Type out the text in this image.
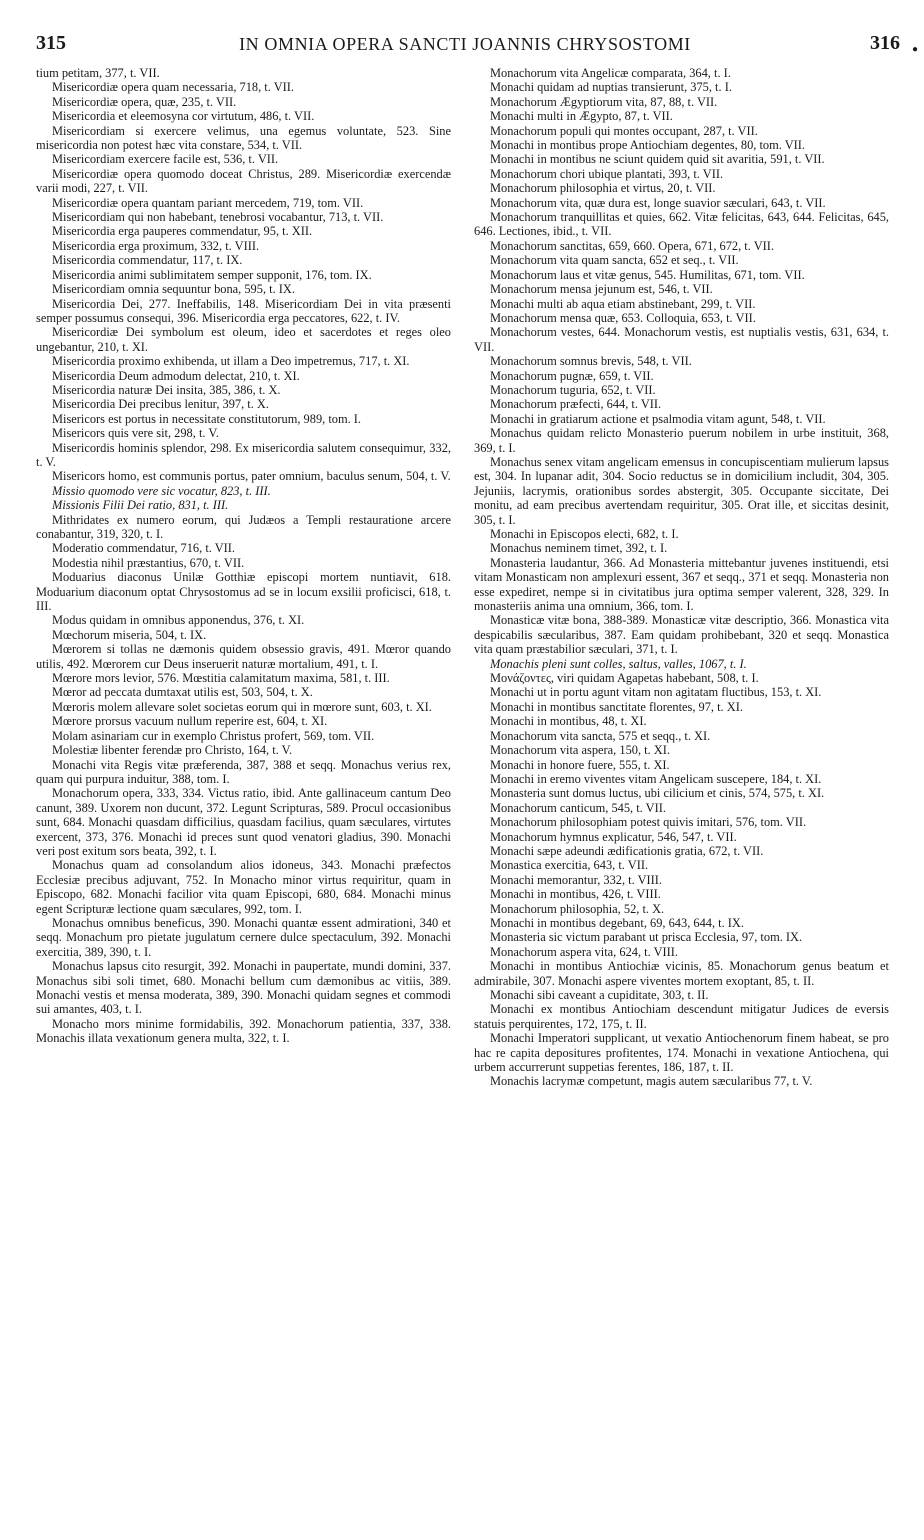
315	IN OMNIA OPERA SANCTI JOANNIS CHRYSOSTOMI	316 ●

tium petitam, 377, t. VII.

Misericordiæ opera quam necessaria, 718, t. VII.

Misericordiæ opera, quæ, 235, t. VII.

Misericordia et eleemosyna cor virtutum, 486, t. VII.

Misericordiam si exercere velimus, una egemus voluntate, 523. Sine misericordia non potest hæc vita constare, 534, t. VII.

Misericordiam exercere facile est, 536, t. VII.

Misericordiæ opera quomodo doceat Christus, 289. Misericordiæ exercendæ varii modi, 227, t. VII.

Misericordiæ opera quantam pariant mercedem, 719, tom. VII.

Misericordiam qui non habebant, tenebrosi vocabantur, 713, t. VII.

Misericordia erga pauperes commendatur, 95, t. XII.

Misericordia erga proximum, 332, t. VIII.

Misericordia commendatur, 117, t. IX.

Misericordia animi sublimitatem semper supponit, 176, tom. IX.

Misericordiam omnia sequuntur bona, 595, t. IX.

Misericordia Dei, 277. Ineffabilis, 148. Misericordiam Dei in vita præsenti semper possumus consequi, 396. Misericordia erga peccatores, 622, t. IV.

Misericordiæ Dei symbolum est oleum, ideo et sacerdotes et reges oleo ungebantur, 210, t. XI.

Misericordia proximo exhibenda, ut illam a Deo impetremus, 717, t. XI.

Misericordia Deum admodum delectat, 210, t. XI.

Misericordia naturæ Dei insita, 385, 386, t. X.

Misericordia Dei precibus lenitur, 397, t. X.

Misericors est portus in necessitate constitutorum, 989, tom. I.

Misericors quis vere sit, 298, t. V.

Misericordis hominis splendor, 298. Ex misericordia salutem consequimur, 332, t. V.

Misericors homo, est communis portus, pater omnium, baculus senum, 504, t. V.

Missio quomodo vere sic vocatur, 823, t. III.

Missionis Filii Dei ratio, 831, t. III.

Mithridates ex numero eorum, qui Judæos a Templi restauratione arcere conabantur, 319, 320, t. I.

Moderatio commendatur, 716, t. VII.

Modestia nihil præstantius, 670, t. VII.

Moduarius diaconus Unilæ Gotthiæ episcopi mortem nuntiavit, 618. Moduarium diaconum optat Chrysostomus ad se in locum exsilii proficisci, 618, t. III.

Modus quidam in omnibus apponendus, 376, t. XI.

Mœchorum miseria, 504, t. IX.

Mœrorem si tollas ne dæmonis quidem obsessio gravis, 491. Mœror quando utilis, 492. Mœrorem cur Deus inseruerit naturæ mortalium, 491, t. I.

Mœrore mors levior, 576. Mœstitia calamitatum maxima, 581, t. III.

Mœror ad peccata dumtaxat utilis est, 503, 504, t. X.

Mœroris molem allevare solet societas eorum qui in mœrore sunt, 603, t. XI.

Mœrore prorsus vacuum nullum reperire est, 604, t. XI.

Molam asinariam cur in exemplo Christus profert, 569, tom. VII.

Molestiæ libenter ferendæ pro Christo, 164, t. V.

Monachi vita Regis vitæ præferenda, 387, 388 et seqq. Monachus verius rex, quam qui purpura induitur, 388, tom. I.

Monachorum opera, 333, 334. Victus ratio, ibid. Ante gallinaceum cantum Deo canunt, 389. Uxorem non ducunt, 372. Legunt Scripturas, 589. Procul occasionibus sunt, 684. Monachi quasdam difficilius, quasdam facilius, quam sæculares, virtutes exercent, 373, 376. Monachi id preces sunt quod venatori gladius, 390. Monachi veri post exitum sors beata, 392, t. I.

Monachus quam ad consolandum alios idoneus, 343. Monachi præfectos Ecclesiæ precibus adjuvant, 752. In Monacho minor virtus requiritur, quam in Episcopo, 682. Monachi facilior vita quam Episcopi, 680, 684. Monachi minus egent Scripturæ lectione quam sæculares, 992, tom. I.

Monachus omnibus beneficus, 390. Monachi quantæ essent admirationi, 340 et seqq. Monachum pro pietate jugulatum cernere dulce spectaculum, 392. Monachi exercitia, 389, 390, t. I.

Monachus lapsus cito resurgit, 392. Monachi in paupertate, mundi domini, 337. Monachus sibi soli timet, 680. Monachi bellum cum dæmonibus ac vitiis, 389. Monachi vestis et mensa moderata, 389, 390. Monachi quidam segnes et commodi sui amantes, 403, t. I.

Monacho mors minime formidabilis, 392. Monachorum patientia, 337, 338. Monachis illata vexationum genera multa, 322, t. I.

Monachorum vita Angelicæ comparata, 364, t. I.

Monachi quidam ad nuptias transierunt, 375, t. I.

Monachorum Ægyptiorum vita, 87, 88, t. VII.

Monachi multi in Ægypto, 87, t. VII.

Monachorum populi qui montes occupant, 287, t. VII.

Monachi in montibus prope Antiochiam degentes, 80, tom. VII.

Monachi in montibus ne sciunt quidem quid sit avaritia, 591, t. VII.

Monachorum chori ubique plantati, 393, t. VII.

Monachorum philosophia et virtus, 20, t. VII.

Monachorum vita, quæ dura est, longe suavior sæculari, 643, t. VII.

Monachorum tranquillitas et quies, 662. Vitæ felicitas, 643, 644. Felicitas, 645, 646. Lectiones, ibid., t. VII.

Monachorum sanctitas, 659, 660. Opera, 671, 672, t. VII.

Monachorum vita quam sancta, 652 et seq., t. VII.

Monachorum laus et vitæ genus, 545. Humilitas, 671, tom. VII.

Monachorum mensa jejunum est, 546, t. VII.

Monachi multi ab aqua etiam abstinebant, 299, t. VII.

Monachorum mensa quæ, 653. Colloquia, 653, t. VII.

Monachorum vestes, 644. Monachorum vestis, est nuptialis vestis, 631, 634, t. VII.

Monachorum somnus brevis, 548, t. VII.

Monachorum pugnæ, 659, t. VII.

Monachorum tuguria, 652, t. VII.

Monachorum præfecti, 644, t. VII.

Monachi in gratiarum actione et psalmodia vitam agunt, 548, t. VII.

Monachus quidam relicto Monasterio puerum nobilem in urbe instituit, 368, 369, t. I.

Monachus senex vitam angelicam emensus in concupiscentiam mulierum lapsus est, 304. In lupanar adit, 304. Socio reductus se in domicilium includit, 304, 305. Jejuniis, lacrymis, orationibus sordes abstergit, 305. Occupante siccitate, Dei monitu, ad eam precibus avertendam requiritur, 305. Orat ille, et siccitas desinit, 305, t. I.

Monachi in Episcopos electi, 682, t. I.

Monachus neminem timet, 392, t. I.

Monasteria laudantur, 366. Ad Monasteria mittebantur juvenes instituendi, etsi vitam Monasticam non amplexuri essent, 367 et seqq., 371 et seqq. Monasteria non esse expediret, nempe si in civitatibus jura optima semper valerent, 328, 329. In monasteriis anima una omnium, 366, tom. I.

Monasticæ vitæ bona, 388-389. Monasticæ vitæ descriptio, 366. Monastica vita despicabilis sæcularibus, 387. Eam quidam prohibebant, 320 et seqq. Monastica vita quam præstabilior sæculari, 371, t. I.

Monachis pleni sunt colles, saltus, valles, 1067, t. I.

Μονάζοντες, viri quidam Agapetas habebant, 508, t. I.

Monachi ut in portu agunt vitam non agitatam fluctibus, 153, t. XI.

Monachi in montibus sanctitate florentes, 97, t. XI.

Monachi in montibus, 48, t. XI.

Monachorum vita sancta, 575 et seqq., t. XI.

Monachorum vita aspera, 150, t. XI.

Monachi in honore fuere, 555, t. XI.

Monachi in eremo viventes vitam Angelicam susceperе, 184, t. XI.

Monasteria sunt domus luctus, ubi cilicium et cinis, 574, 575, t. XI.

Monachorum canticum, 545, t. VII.

Monachorum philosophiam potest quivis imitari, 576, tom. VII.

Monachorum hymnus explicatur, 546, 547, t. VII.

Monachi sæpe adeundi ædificationis gratia, 672, t. VII.

Monastica exercitia, 643, t. VII.

Monachi memorantur, 332, t. VIII.

Monachi in montibus, 426, t. VIII.

Monachorum philosophia, 52, t. X.

Monachi in montibus degebant, 69, 643, 644, t. IX.

Monasteria sic victum parabant ut prisca Ecclesia, 97, tom. IX.

Monachorum aspera vita, 624, t. VIII.

Monachi in montibus Antiochiæ vicinis, 85. Monachorum genus beatum et admirabile, 307. Monachi aspere viventes mortem exoptant, 85, t. II.

Monachi sibi caveant a cupiditate, 303, t. II.

Monachi ex montibus Antiochiam descendunt mitigatur Judices de eversis statuis perquirentes, 172, 175, t. II.

Monachi Imperatori supplicant, ut vexatio Antiochenorum finem habeat, se pro hac re capita depositures profitentes, 174. Monachi in vexatione Antiochena, qui urbem accurrerunt suppetias ferentes, 186, 187, t. II.

Monachis lacrymæ competunt, magis autem sæcularibus 77, t. V.
